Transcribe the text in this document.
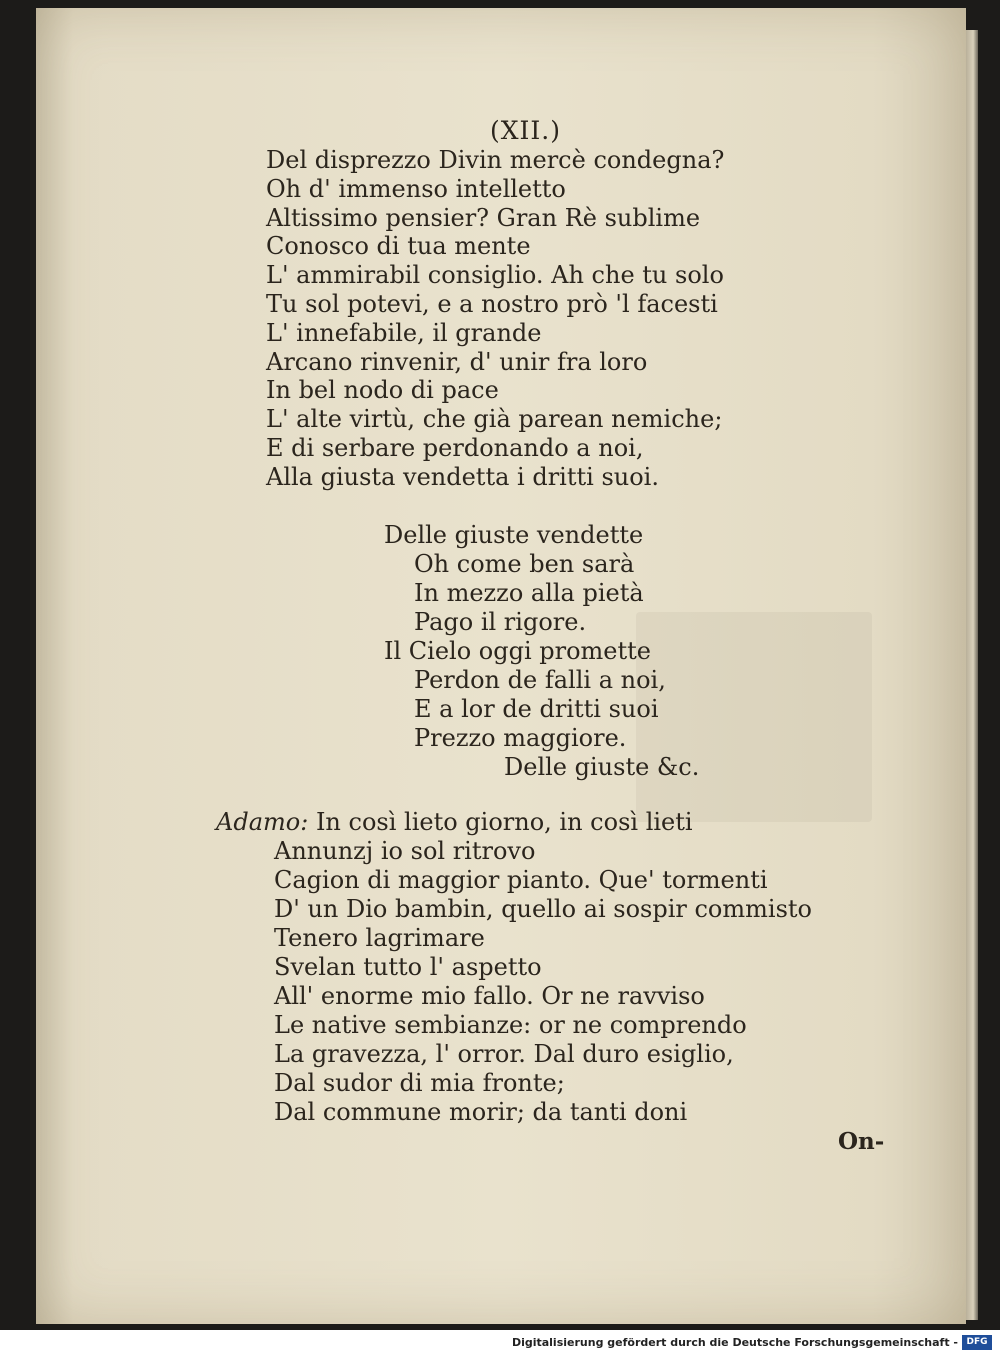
(XII.)
Del disprezzo Divin mercè condegna?
Oh d' immenso intelletto
Altissimo pensier? Gran Rè sublime
Conosco di tua mente
L' ammirabil consiglio. Ah che tu solo
Tu sol potevi, e a nostro prò 'l facesti
L' innefabile, il grande
Arcano rinvenir, d' unir fra loro
In bel nodo di pace
L' alte virtù, che già parean nemiche;
E di serbare perdonando a noi,
Alla giusta vendetta i dritti suoi.
Delle giuste vendette
Oh come ben sarà
In mezzo alla pietà
Pago il rigore.
Il Cielo oggi promette
Perdon de falli a noi,
E a lor de dritti suoi
Prezzo maggiore.
Delle giuste &c.
Adamo: In così lieto giorno, in così lieti
Annunzj io sol ritrovo
Cagion di maggior pianto. Que' tormenti
D' un Dio bambin, quello ai sospir commisto
Tenero lagrimare
Svelan tutto l' aspetto
All' enorme mio fallo. Or ne ravviso
Le native sembianze: or ne comprendo
La gravezza, l' orror. Dal duro esiglio,
Dal sudor di mia fronte;
Dal commune morir; da tanti doni
On-
Digitalisierung gefördert durch die Deutsche Forschungsgemeinschaft - DFG
